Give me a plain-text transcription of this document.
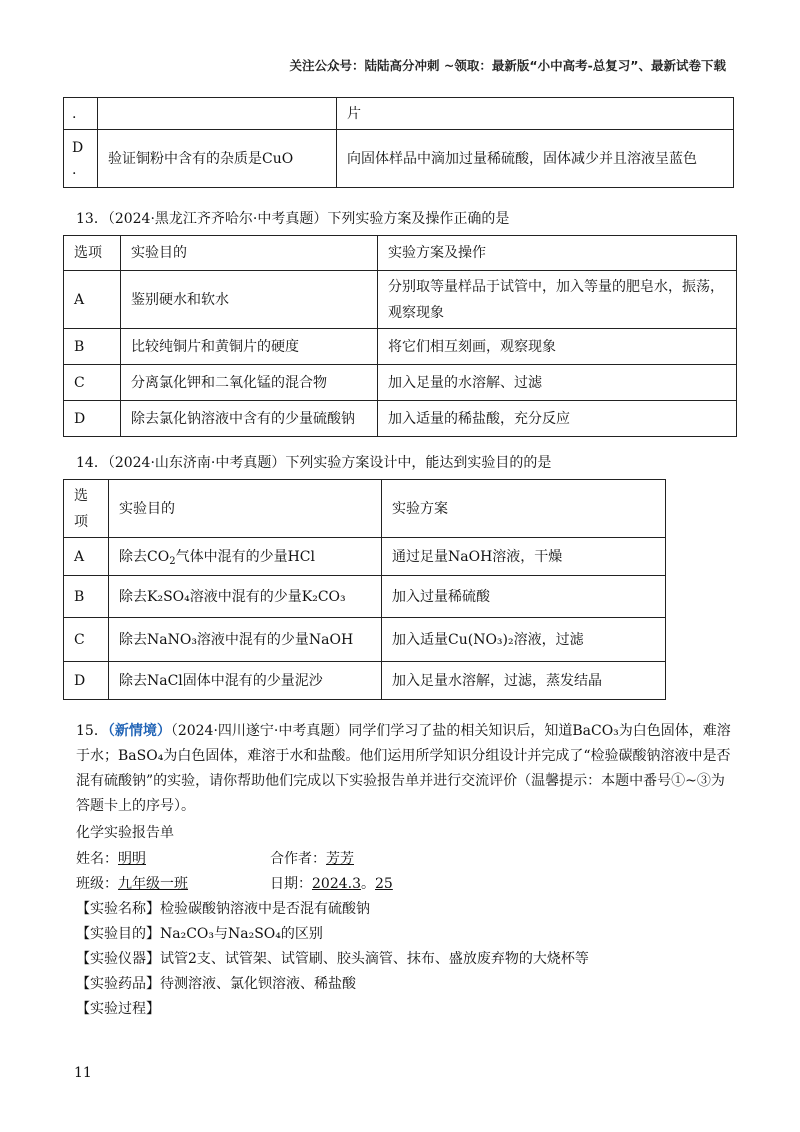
关注公众号：陆陆高分冲刺 ~领取：最新版“小中高考-总复习”、最新试卷下载
.		片
D
.	验证铜粉中含有的杂质是CuO	向固体样品中滴加过量稀硫酸，固体减少并且溶液呈蓝色
13．（2024·黑龙江齐齐哈尔·中考真题）下列实验方案及操作正确的是
选项	实验目的	实验方案及操作
A	鉴别硬水和软水	分别取等量样品于试管中，加入等量的肥皂水，振荡，观察现象
B	比较纯铜片和黄铜片的硬度	将它们相互刻画，观察现象
C	分离氯化钾和二氧化锰的混合物	加入足量的水溶解、过滤
D	除去氯化钠溶液中含有的少量硫酸钠	加入适量的稀盐酸，充分反应
14．（2024·山东济南·中考真题）下列实验方案设计中，能达到实验目的的是
选
项	实验目的	实验方案
A	除去$CO_2$气体中混有的少量HCl	通过足量NaOH溶液，干燥
B	除去K₂SO₄溶液中混有的少量K₂CO₃	加入过量稀硫酸
C	除去NaNO₃溶液中混有的少量NaOH	加入适量Cu(NO₃)₂溶液，过滤
D	除去NaCl固体中混有的少量泥沙	加入足量水溶解，过滤，蒸发结晶
15．（新情境）（2024·四川遂宁·中考真题）同学们学习了盐的相关知识后，知道BaCO₃为白色固体，难溶于水；BaSO₄为白色固体，难溶于水和盐酸。他们运用所学知识分组设计并完成了“检验碳酸钠溶液中是否混有硫酸钠”的实验，请你帮助他们完成以下实验报告单并进行交流评价（温馨提示：本题中番号①~③为答题卡上的序号）。
化学实验报告单
姓名：明明	合作者：芳芳
班级：九年级一班	日期：2024.3。25
【实验名称】检验碳酸钠溶液中是否混有硫酸钠
【实验目的】Na₂CO₃与Na₂SO₄的区别
【实验仪器】试管2支、试管架、试管刷、胶头滴管、抹布、盛放废弃物的大烧杯等
【实验药品】待测溶液、氯化钡溶液、稀盐酸
【实验过程】
11
